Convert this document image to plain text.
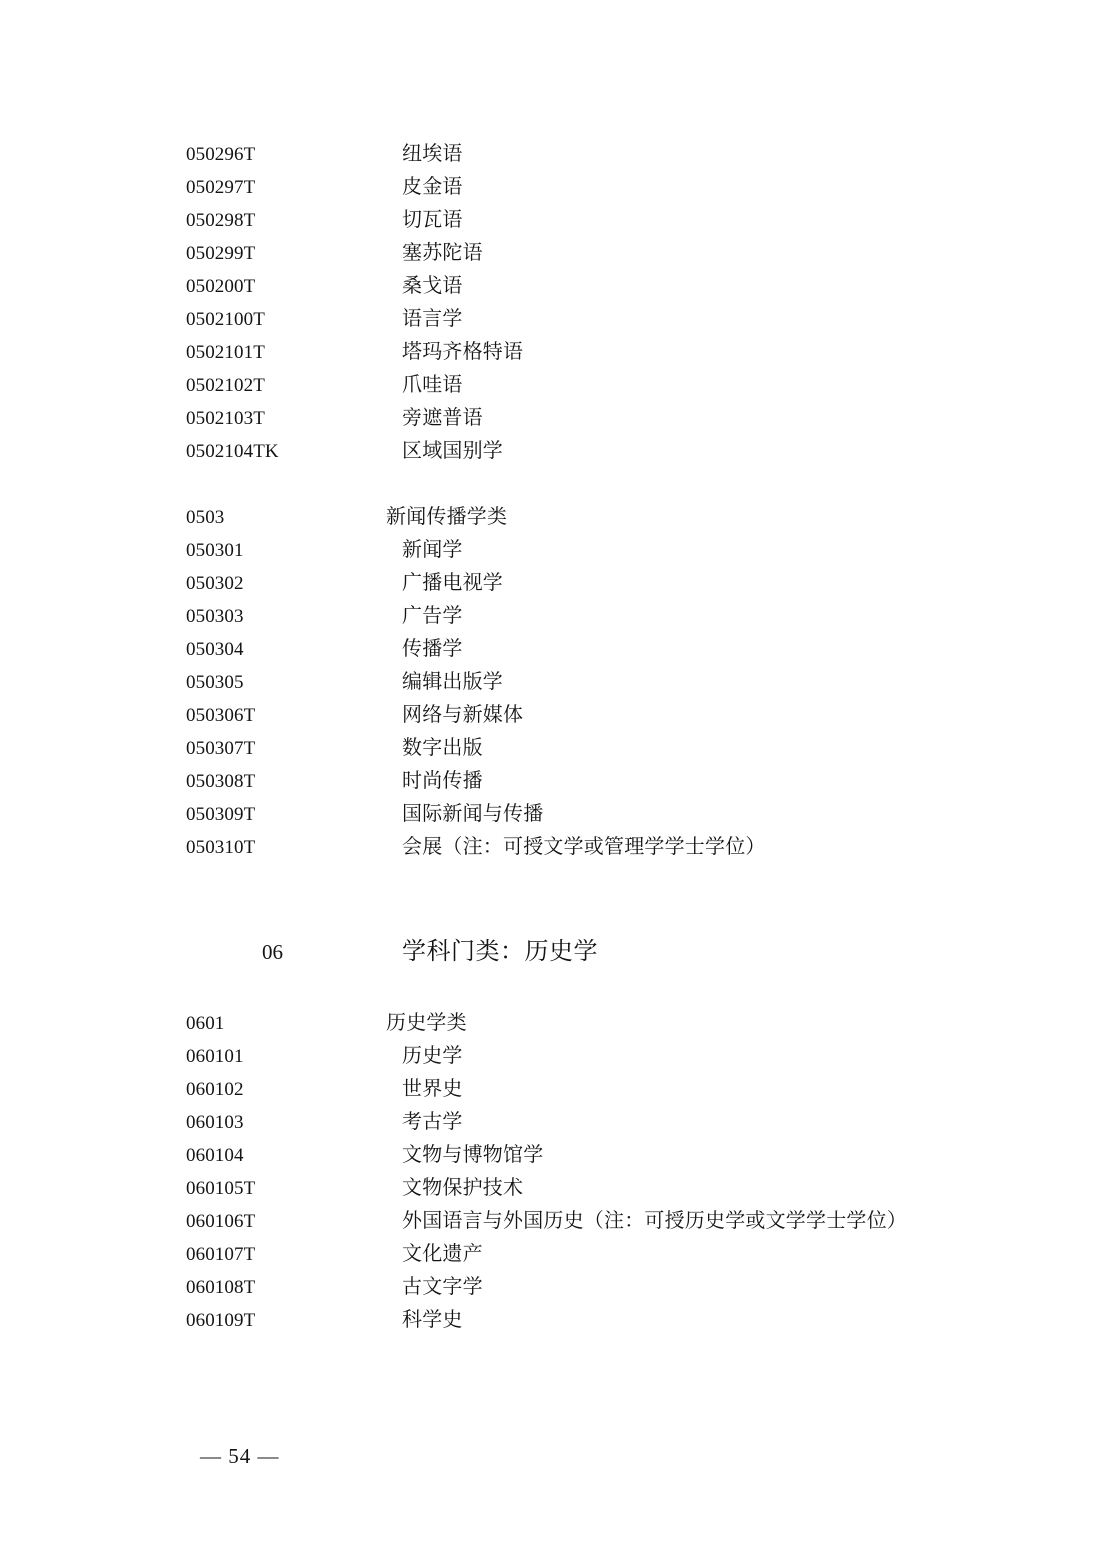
050296T	纽埃语
050297T	皮金语
050298T	切瓦语
050299T	塞苏陀语
050200T	桑戈语
0502100T	语言学
0502101T	塔玛齐格特语
0502102T	爪哇语
0502103T	旁遮普语
0502104TK	区域国别学
0503	新闻传播学类
050301	新闻学
050302	广播电视学
050303	广告学
050304	传播学
050305	编辑出版学
050306T	网络与新媒体
050307T	数字出版
050308T	时尚传播
050309T	国际新闻与传播
050310T	会展（注：可授文学或管理学学士学位）
06	学科门类：历史学
0601	历史学类
060101	历史学
060102	世界史
060103	考古学
060104	文物与博物馆学
060105T	文物保护技术
060106T	外国语言与外国历史（注：可授历史学或文学学士学位）
060107T	文化遗产
060108T	古文字学
060109T	科学史
— 54 —
